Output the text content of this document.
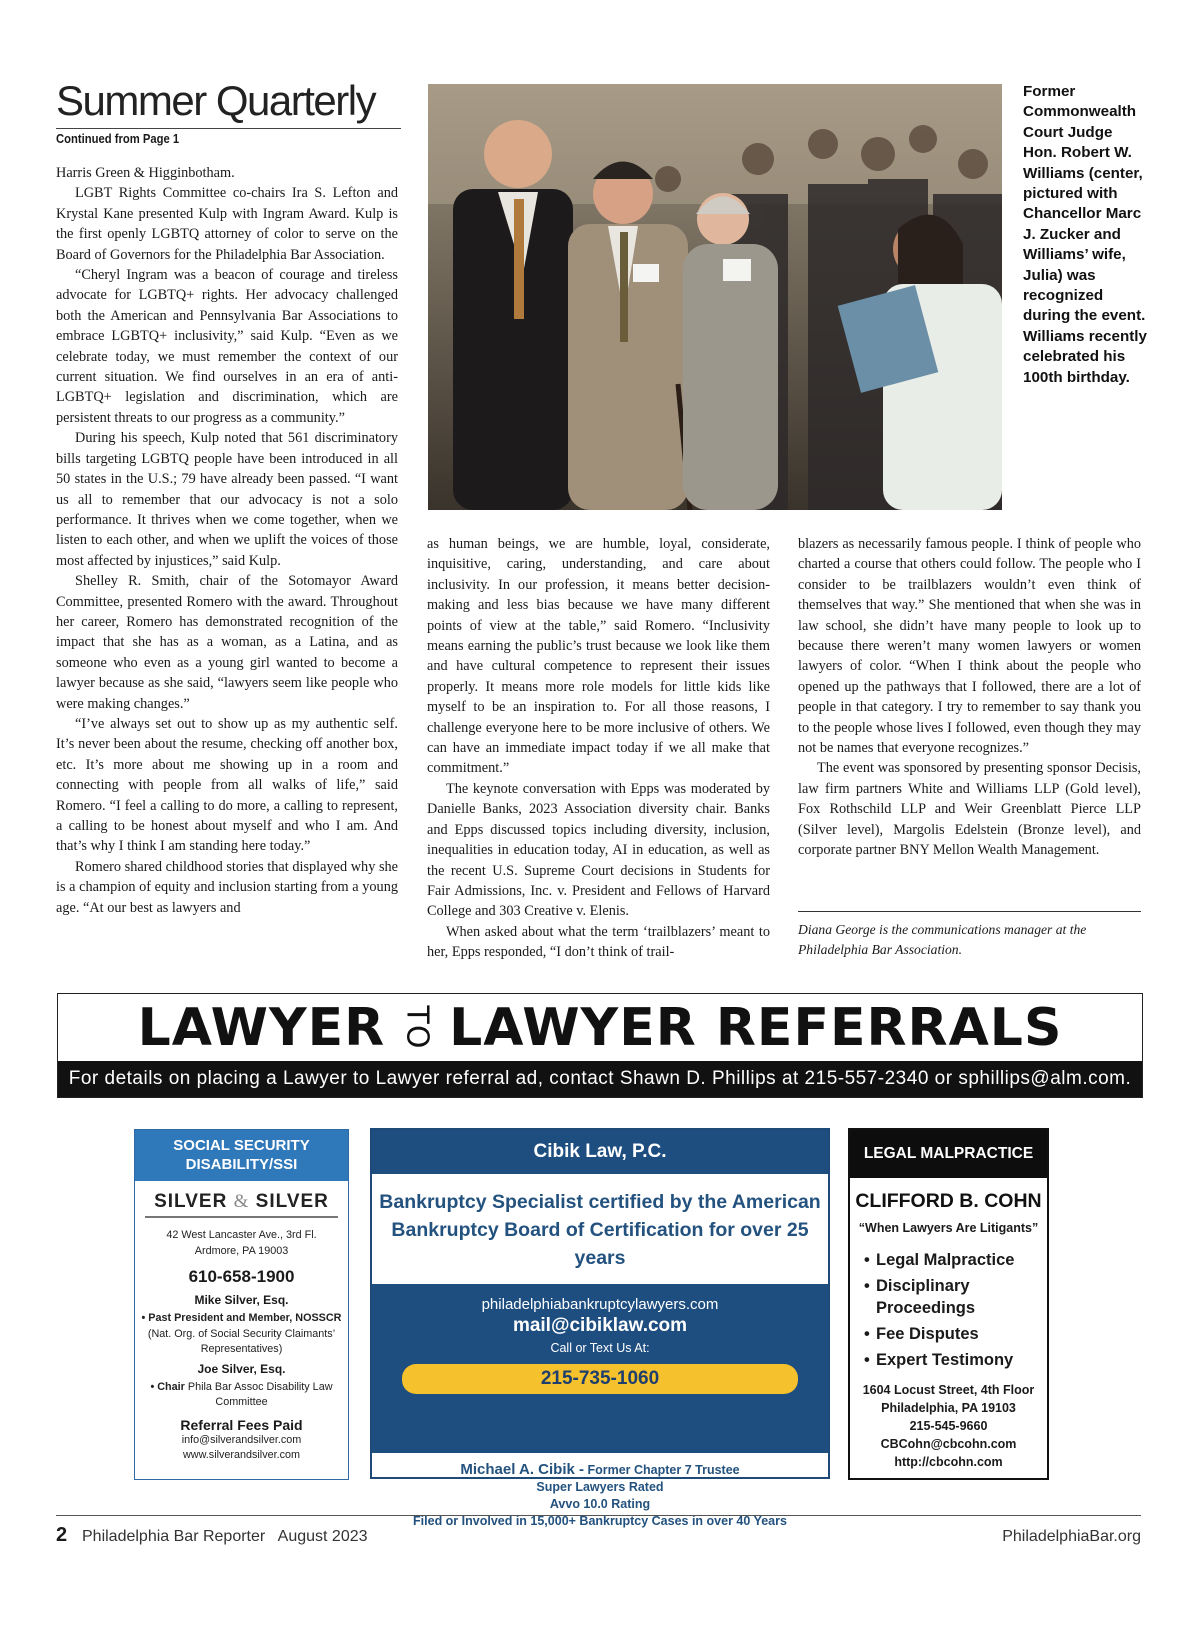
Summer Quarterly
Continued from Page 1

Harris Green & Higginbotham.

LGBT Rights Committee co-chairs Ira S. Lefton and Krystal Kane presented Kulp with Ingram Award. Kulp is the first openly LGBTQ attorney of color to serve on the Board of Governors for the Philadelphia Bar Association.

“Cheryl Ingram was a beacon of courage and tireless advocate for LGBTQ+ rights. Her advocacy challenged both the American and Pennsylvania Bar Associations to embrace LGBTQ+ inclusivity,” said Kulp. “Even as we celebrate today, we must remember the context of our current situation. We find ourselves in an era of anti-LGBTQ+ legislation and discrimination, which are persistent threats to our progress as a community.”

During his speech, Kulp noted that 561 discriminatory bills targeting LGBTQ people have been introduced in all 50 states in the U.S.; 79 have already been passed. “I want us all to remember that our advocacy is not a solo performance. It thrives when we come together, when we listen to each other, and when we uplift the voices of those most affected by injustices,” said Kulp.

Shelley R. Smith, chair of the Sotomayor Award Committee, presented Romero with the award. Throughout her career, Romero has demonstrated recognition of the impact that she has as a woman, as a Latina, and as someone who even as a young girl wanted to become a lawyer because as she said, “lawyers seem like people who were making changes.”

“I’ve always set out to show up as my authentic self. It’s never been about the resume, checking off another box, etc. It’s more about me showing up in a room and connecting with people from all walks of life,” said Romero. “I feel a calling to do more, a calling to represent, a calling to be honest about myself and who I am. And that’s why I think I am standing here today.”

Romero shared childhood stories that displayed why she is a champion of equity and inclusion starting from a young age. “At our best as lawyers and

Former Commonwealth Court Judge Hon. Robert W. Williams (center, pictured with Chancellor Marc J. Zucker and Williams’ wife, Julia) was recognized during the event. Williams recently celebrated his 100th birthday.

as human beings, we are humble, loyal, considerate, inquisitive, caring, understanding, and care about inclusivity. In our profession, it means better decision-making and less bias because we have many different points of view at the table,” said Romero. “Inclusivity means earning the public’s trust because we look like them and have cultural competence to represent their issues properly. It means more role models for little kids like myself to be an inspiration to. For all those reasons, I challenge everyone here to be more inclusive of others. We can have an immediate impact today if we all make that commitment.”

The keynote conversation with Epps was moderated by Danielle Banks, 2023 Association diversity chair. Banks and Epps discussed topics including diversity, inclusion, inequalities in education today, AI in education, as well as the recent U.S. Supreme Court decisions in Students for Fair Admissions, Inc. v. President and Fellows of Harvard College and 303 Creative v. Elenis.

When asked about what the term ‘trailblazers’ meant to her, Epps responded, “I don’t think of trail-

blazers as necessarily famous people. I think of people who charted a course that others could follow. The people who I consider to be trailblazers wouldn’t even think of themselves that way.” She mentioned that when she was in law school, she didn’t have many people to look up to because there weren’t many women lawyers or women lawyers of color. “When I think about the people who opened up the pathways that I followed, there are a lot of people in that category. I try to remember to say thank you to the people whose lives I followed, even though they may not be names that everyone recognizes.”

The event was sponsored by presenting sponsor Decisis, law firm partners White and Williams LLP (Gold level), Fox Rothschild LLP and Weir Greenblatt Pierce LLP (Silver level), Margolis Edelstein (Bronze level), and corporate partner BNY Mellon Wealth Management.

Diana George is the communications manager at the Philadelphia Bar Association.
LAWYER TO LAWYER REFERRALS
For details on placing a Lawyer to Lawyer referral ad, contact Shawn D. Phillips at 215-557-2340 or sphillips@alm.com.
SOCIAL SECURITY DISABILITY/SSI
SILVER & SILVER
42 West Lancaster Ave., 3rd Fl.
Ardmore, PA 19003
610-658-1900
Mike Silver, Esq.
• Past President and Member, NOSSCR
(Nat. Org. of Social Security Claimants’ Representatives)
Joe Silver, Esq.
• Chair Phila Bar Assoc Disability Law Committee
Referral Fees Paid
info@silverandsilver.com
www.silverandsilver.com
Cibik Law, P.C.
Bankruptcy Specialist certified by the American Bankruptcy Board of Certification for over 25 years
philadelphiabankruptcylawyers.com
mail@cibiklaw.com
Call or Text Us At:
215-735-1060
Michael A. Cibik - Former Chapter 7 Trustee
Super Lawyers Rated
Avvo 10.0 Rating
Filed or Involved in 15,000+ Bankruptcy Cases in over 40 Years
LEGAL MALPRACTICE
CLIFFORD B. COHN
“When Lawyers Are Litigants”
• Legal Malpractice
• Disciplinary Proceedings
• Fee Disputes
• Expert Testimony
1604 Locust Street, 4th Floor
Philadelphia, PA 19103
215-545-9660
CBCohn@cbcohn.com
http://cbcohn.com
2 Philadelphia Bar Reporter   August 2023	PhiladelphiaBar.org
